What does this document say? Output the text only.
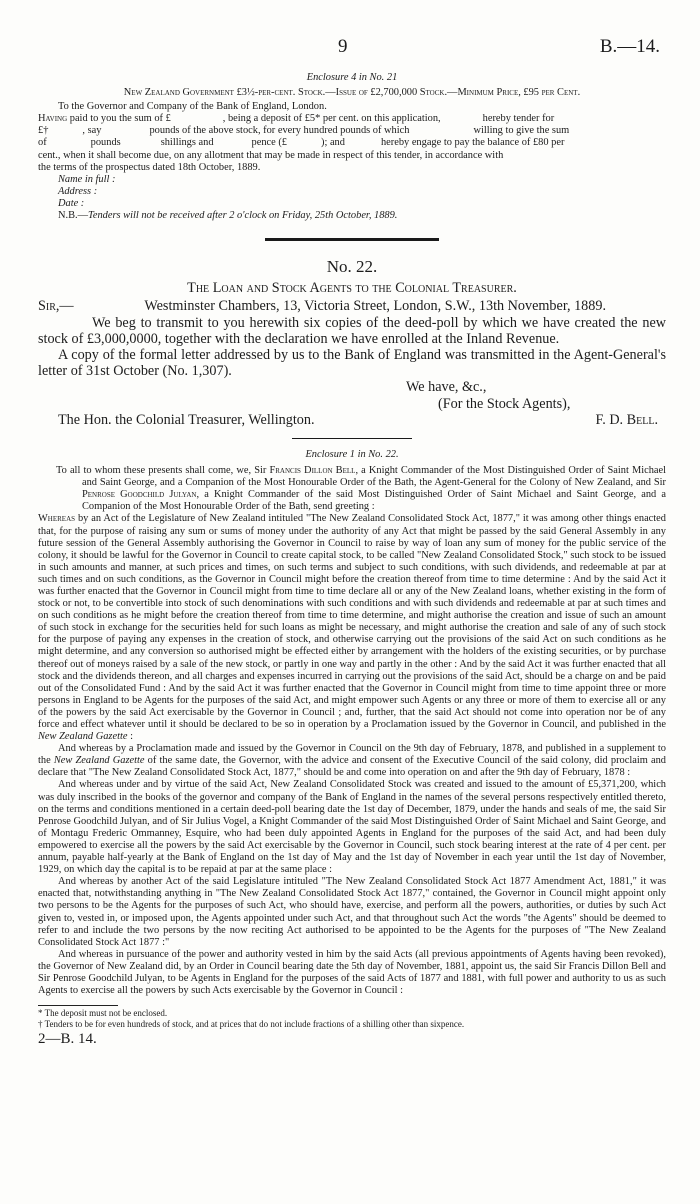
9	B.—14.

Enclosure 4 in No. 21

New Zealand Government £3½-per-cent. Stock.—Issue of £2,700,000 Stock.—Minimum Price, £95 per Cent.

To the Governor and Company of the Bank of England, London.

Having paid to you the sum of £	, being a deposit of £5* per cent. on this application,	hereby tender for
£†	, say	pounds of the above stock, for every hundred pounds of which	willing to give the sum
of	pounds	shillings and	pence (£	); and	hereby engage to pay the balance of £80 per
cent., when it shall become due, on any allotment that may be made in respect of this tender, in accordance with
the terms of the prospectus dated 18th October, 1889.
Name in full :
Address :
Date :
N.B.—Tenders will not be received after 2 o'clock on Friday, 25th October, 1889.

No. 22.

The Loan and Stock Agents to the Colonial Treasurer.

Sir,—	Westminster Chambers, 13, Victoria Street, London, S.W., 13th November, 1889.

We beg to transmit to you herewith six copies of the deed-poll by which we have created the new stock of £3,000,0000, together with the declaration we have enrolled at the Inland Revenue.

A copy of the formal letter addressed by us to the Bank of England was transmitted in the Agent-General's letter of 31st October (No. 1,307).

We have, &c.,

(For the Stock Agents),

The Hon. the Colonial Treasurer, Wellington.	F. D. Bell.

Enclosure 1 in No. 22.

To all to whom these presents shall come, we, Sir Francis Dillon Bell, a Knight Commander of the Most Distinguished Order of Saint Michael and Saint George, and a Companion of the Most Honourable Order of the Bath, the Agent-General for the Colony of New Zealand, and Sir Penrose Goodchild Julyan, a Knight Commander of the said Most Distinguished Order of Saint Michael and Saint George, and a Companion of the Most Honourable Order of the Bath, send greeting :

Whereas by an Act of the Legislature of New Zealand intituled "The New Zealand Consolidated Stock Act, 1877," it was among other things enacted that, for the purpose of raising any sum or sums of money under the authority of any Act that might be passed by the said General Assembly in any future session of the General Assembly authorising the Governor in Council to raise by way of loan any sum of money for the public service of the colony, it should be lawful for the Governor in Council to create capital stock, to be called "New Zealand Consolidated Stock," such stock to be issued in such amounts and manner, at such prices and times, on such terms and subject to such conditions, with such dividends, and redeemable at par at such times and on such conditions, as the Governor in Council might before the creation thereof from time to time determine : And by the said Act it was further enacted that the Governor in Council might from time to time declare all or any of the New Zealand loans, whether existing in the form of stock or not, to be convertible into stock of such denominations with such conditions and with such dividends and redeemable at par at such times and on such conditions as he might before the creation thereof from time to time determine, and might authorise the creation and issue of such an amount of such stock in exchange for the securities held for such loans as might be necessary, and might authorise the creation and sale of any of such stock for the purpose of paying any expenses in the creation of stock, and otherwise carrying out the provisions of the said Act on such conditions as he might determine, and any conversion so authorised might be effected either by arrangement with the holders of the existing securities, or by purchase thereof out of moneys raised by a sale of the new stock, or partly in one way and partly in the other : And by the said Act it was further enacted that all stock and the dividends thereon, and all charges and expenses incurred in carrying out the provisions of the said Act, should be a charge on and be paid out of the Consolidated Fund : And by the said Act it was further enacted that the Governor in Council might from time to time appoint three or more persons in England to be Agents for the purposes of the said Act, and might empower such Agents or any three or more of them to exercise all or any of the powers by the said Act exercisable by the Governor in Council ; and, further, that the said Act should not come into operation nor be of any force and effect whatever until it should be declared to be so in operation by a Proclamation issued by the Governor in Council, and published in the New Zealand Gazette :

And whereas by a Proclamation made and issued by the Governor in Council on the 9th day of February, 1878, and published in a supplement to the New Zealand Gazette of the same date, the Governor, with the advice and consent of the Executive Council of the said colony, did proclaim and declare that "The New Zealand Consolidated Stock Act, 1877," should be and come into operation on and after the 9th day of February, 1878 :

And whereas under and by virtue of the said Act, New Zealand Consolidated Stock was created and issued to the amount of £5,371,200, which was duly inscribed in the books of the governor and company of the Bank of England in the names of the several persons respectively entitled thereto, on the terms and conditions mentioned in a certain deed-poll bearing date the 1st day of December, 1879, under the hands and seals of me, the said Sir Penrose Goodchild Julyan, and of Sir Julius Vogel, a Knight Commander of the said Most Distinguished Order of Saint Michael and Saint George, and of Montagu Frederic Ommanney, Esquire, who had been duly appointed Agents in England for the purposes of the said Act, and had been duly empowered to exercise all the powers by the said Act exercisable by the Governor in Council, such stock bearing interest at the rate of 4 per cent. per annum, payable half-yearly at the Bank of England on the 1st day of May and the 1st day of November in each year until the 1st day of November, 1929, on which day the capital is to be repaid at par at the same place :

And whereas by another Act of the said Legislature intituled "The New Zealand Consolidated Stock Act 1877 Amendment Act, 1881," it was enacted that, notwithstanding anything in "The New Zealand Consolidated Stock Act 1877," contained, the Governor in Council might appoint only two persons to be the Agents for the purposes of such Act, who should have, exercise, and perform all the powers, authorities, or duties by such Act given to, vested in, or imposed upon, the Agents appointed under such Act, and that throughout such Act the words "the Agents" should be deemed to refer to and include the two persons by the now reciting Act authorised to be appointed to be the Agents for the purposes of "The New Zealand Consolidated Stock Act 1877 :"

And whereas in pursuance of the power and authority vested in him by the said Acts (all previous appointments of Agents having been revoked), the Governor of New Zealand did, by an Order in Council bearing date the 5th day of November, 1881, appoint us, the said Sir Francis Dillon Bell and Sir Penrose Goodchild Julyan, to be Agents in England for the purposes of the said Acts of 1877 and 1881, with full power and authority to us as such Agents to exercise all the powers by such Acts exercisable by the Governor in Council :

* The deposit must not be enclosed.

† Tenders to be for even hundreds of stock, and at prices that do not include fractions of a shilling other than sixpence.

2—B. 14.
